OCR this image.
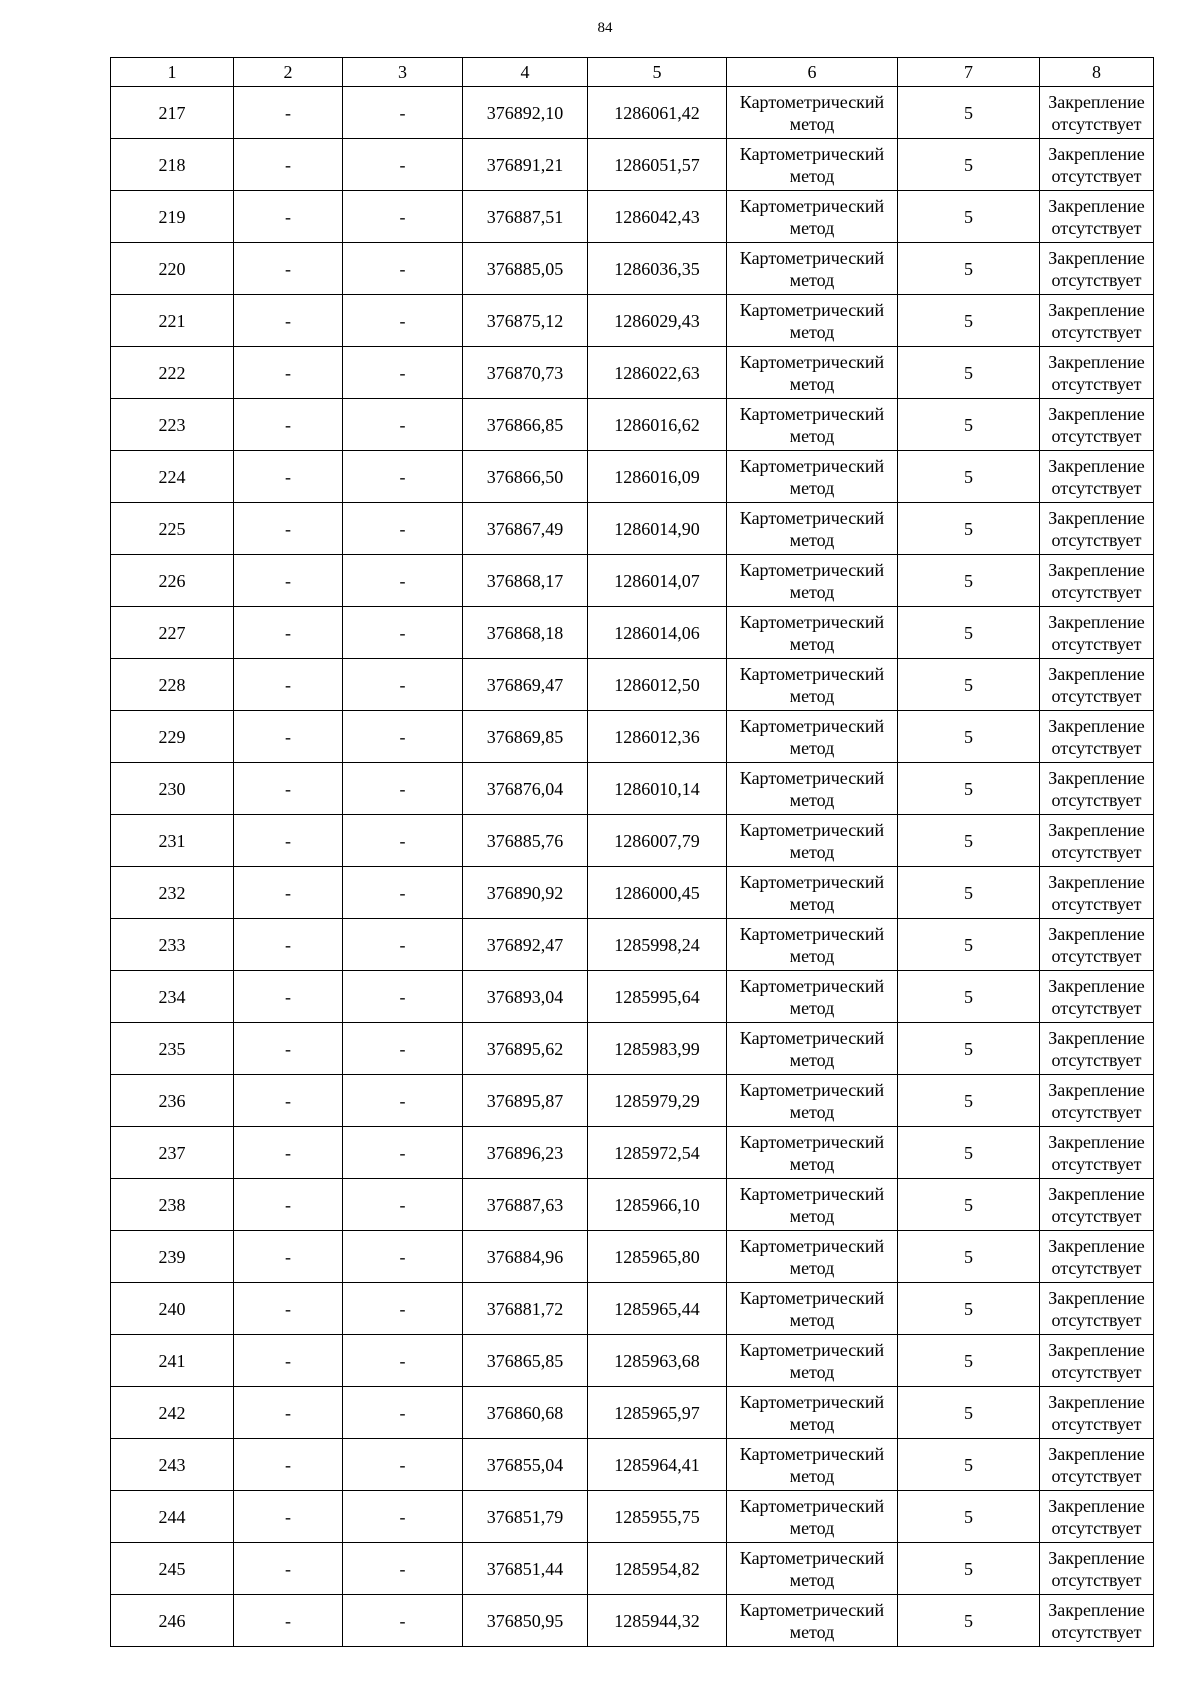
84
1	2	3	4	5	6	7	8
217	-	-	376892,10	1286061,42	Картометрический метод	5	Закрепление отсутствует
218	-	-	376891,21	1286051,57	Картометрический метод	5	Закрепление отсутствует
219	-	-	376887,51	1286042,43	Картометрический метод	5	Закрепление отсутствует
220	-	-	376885,05	1286036,35	Картометрический метод	5	Закрепление отсутствует
221	-	-	376875,12	1286029,43	Картометрический метод	5	Закрепление отсутствует
222	-	-	376870,73	1286022,63	Картометрический метод	5	Закрепление отсутствует
223	-	-	376866,85	1286016,62	Картометрический метод	5	Закрепление отсутствует
224	-	-	376866,50	1286016,09	Картометрический метод	5	Закрепление отсутствует
225	-	-	376867,49	1286014,90	Картометрический метод	5	Закрепление отсутствует
226	-	-	376868,17	1286014,07	Картометрический метод	5	Закрепление отсутствует
227	-	-	376868,18	1286014,06	Картометрический метод	5	Закрепление отсутствует
228	-	-	376869,47	1286012,50	Картометрический метод	5	Закрепление отсутствует
229	-	-	376869,85	1286012,36	Картометрический метод	5	Закрепление отсутствует
230	-	-	376876,04	1286010,14	Картометрический метод	5	Закрепление отсутствует
231	-	-	376885,76	1286007,79	Картометрический метод	5	Закрепление отсутствует
232	-	-	376890,92	1286000,45	Картометрический метод	5	Закрепление отсутствует
233	-	-	376892,47	1285998,24	Картометрический метод	5	Закрепление отсутствует
234	-	-	376893,04	1285995,64	Картометрический метод	5	Закрепление отсутствует
235	-	-	376895,62	1285983,99	Картометрический метод	5	Закрепление отсутствует
236	-	-	376895,87	1285979,29	Картометрический метод	5	Закрепление отсутствует
237	-	-	376896,23	1285972,54	Картометрический метод	5	Закрепление отсутствует
238	-	-	376887,63	1285966,10	Картометрический метод	5	Закрепление отсутствует
239	-	-	376884,96	1285965,80	Картометрический метод	5	Закрепление отсутствует
240	-	-	376881,72	1285965,44	Картометрический метод	5	Закрепление отсутствует
241	-	-	376865,85	1285963,68	Картометрический метод	5	Закрепление отсутствует
242	-	-	376860,68	1285965,97	Картометрический метод	5	Закрепление отсутствует
243	-	-	376855,04	1285964,41	Картометрический метод	5	Закрепление отсутствует
244	-	-	376851,79	1285955,75	Картометрический метод	5	Закрепление отсутствует
245	-	-	376851,44	1285954,82	Картометрический метод	5	Закрепление отсутствует
246	-	-	376850,95	1285944,32	Картометрический метод	5	Закрепление отсутствует
